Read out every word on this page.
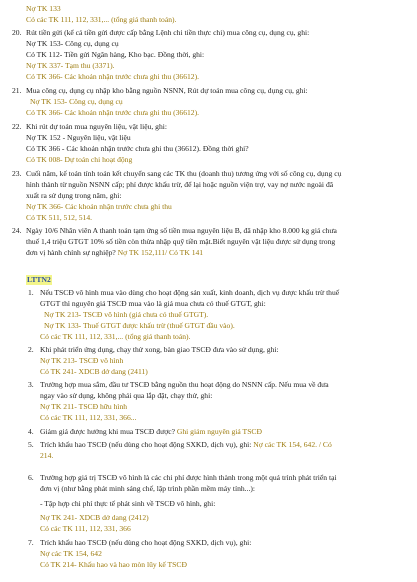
Nợ TK 133
Có các TK 111, 112, 331,... (tổng giá thanh toán).
20. Rút tiền gửi (kể cả tiền gửi được cấp bằng Lệnh chi tiền thực chi) mua công cụ, dụng cụ, ghi:
Nợ TK 153- Công cụ, dụng cụ
Có TK 112- Tiền gửi Ngân hàng, Kho bạc. Đồng thời, ghi:
Nợ TK 337- Tạm thu (3371).
Có TK 366- Các khoản nhận trước chưa ghi thu (36612).
21. Mua công cụ, dụng cụ nhập kho bằng nguồn NSNN, Rút dự toán mua công cụ, dụng cụ, ghi:
Nợ TK 153- Công cụ, dụng cụ
Có TK 366- Các khoản nhận trước chưa ghi thu (36612).
22. Khi rút dự toán mua nguyên liệu, vật liệu, ghi:
Nợ TK 152 - Nguyên liệu, vật liệu
Có TK 366 - Các khoản nhận trước chưa ghi thu (36612). Đồng thời ghi?
Có TK 008- Dự toán chi hoạt động
23. Cuối năm, kế toán tính toán kết chuyển sang các TK thu (doanh thu) tương ứng với số công cụ, dụng cụ
hình thành từ nguồn NSNN cấp; phí được khấu trừ, để lại hoặc nguồn viện trợ, vay nợ nước ngoài đã
xuất ra sử dụng trong năm, ghi:
Nợ TK 366- Các khoản nhận trước chưa ghi thu
Có TK 511, 512, 514.
24. Ngày 10/6 Nhân viên A thanh toán tạm ứng số tiền mua nguyên liệu B, đã nhập kho 8.000 kg giá chưa
thuế 1,4 triệu GTGT 10% số tiền còn thừa nhập quỹ tiền mặt.Biết nguyên vật liệu được sử dụng trong
đơn vị hành chính sự nghiệp? Nợ TK 152,111/ Có TK 141
LTTN2
1. Nếu TSCĐ vô hình mua vào dùng cho hoạt động sản xuất, kinh doanh, dịch vụ được khấu trừ thuế
GTGT thì nguyên giá TSCĐ mua vào là giá mua chưa có thuế GTGT, ghi:
Nợ TK 213- TSCĐ vô hình (giá chưa có thuế GTGT).
Nợ TK 133- Thuế GTGT được khấu trừ (thuế GTGT đầu vào).
Có các TK 111, 112, 331,... (tổng giá thanh toán).
2. Khi phát triển ứng dụng, chạy thử xong, bàn giao TSCĐ đưa vào sử dụng, ghi:
Nợ TK 213- TSCĐ vô hình
Có TK 241- XDCB dở dang (2411)
3. Trường hợp mua sắm, đầu tư TSCĐ bằng nguồn thu hoạt động do NSNN cấp. Nếu mua về đưa
ngay vào sử dụng, không phải qua lắp đặt, chạy thử, ghi:
Nợ TK 211- TSCĐ hữu hình
Có các TK 111, 112, 331, 366...
4. Giảm giá được hưởng khi mua TSCĐ được? Ghi giảm nguyên giá TSCĐ
5. Trích khấu hao TSCĐ (nếu dùng cho hoạt động SXKD, dịch vụ), ghi: Nợ các TK 154, 642. / Có
214.
6. Trường hợp giá trị TSCĐ vô hình là các chi phí được hình thành trong một quá trình phát triển tại
đơn vị (như bằng phát minh sáng chế, lập trình phần mềm máy tính...):
- Tập hợp chi phí thực tế phát sinh về TSCĐ vô hình, ghi:
Nợ TK 241- XDCB dở dang (2412)
Có các TK 111, 112, 331, 366
7. Trích khấu hao TSCĐ (nếu dùng cho hoạt động SXKD, dịch vụ), ghi:
Nợ các TK 154, 642
Có TK 214- Khấu hao và hao mòn lũy kế TSCĐ
